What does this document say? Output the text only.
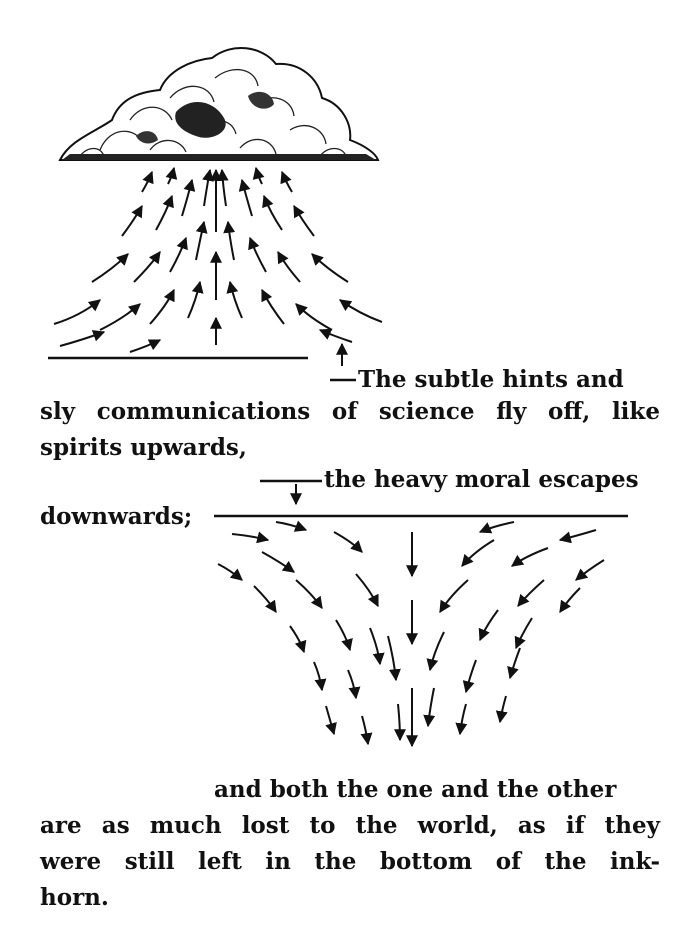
The subtle hints and

sly communications of science fly off, like

spirits upwards,

the heavy moral escapes

downwards;

and both the one and the other

are as much lost to the world, as if they

were still left in the bottom of the ink-

horn.
